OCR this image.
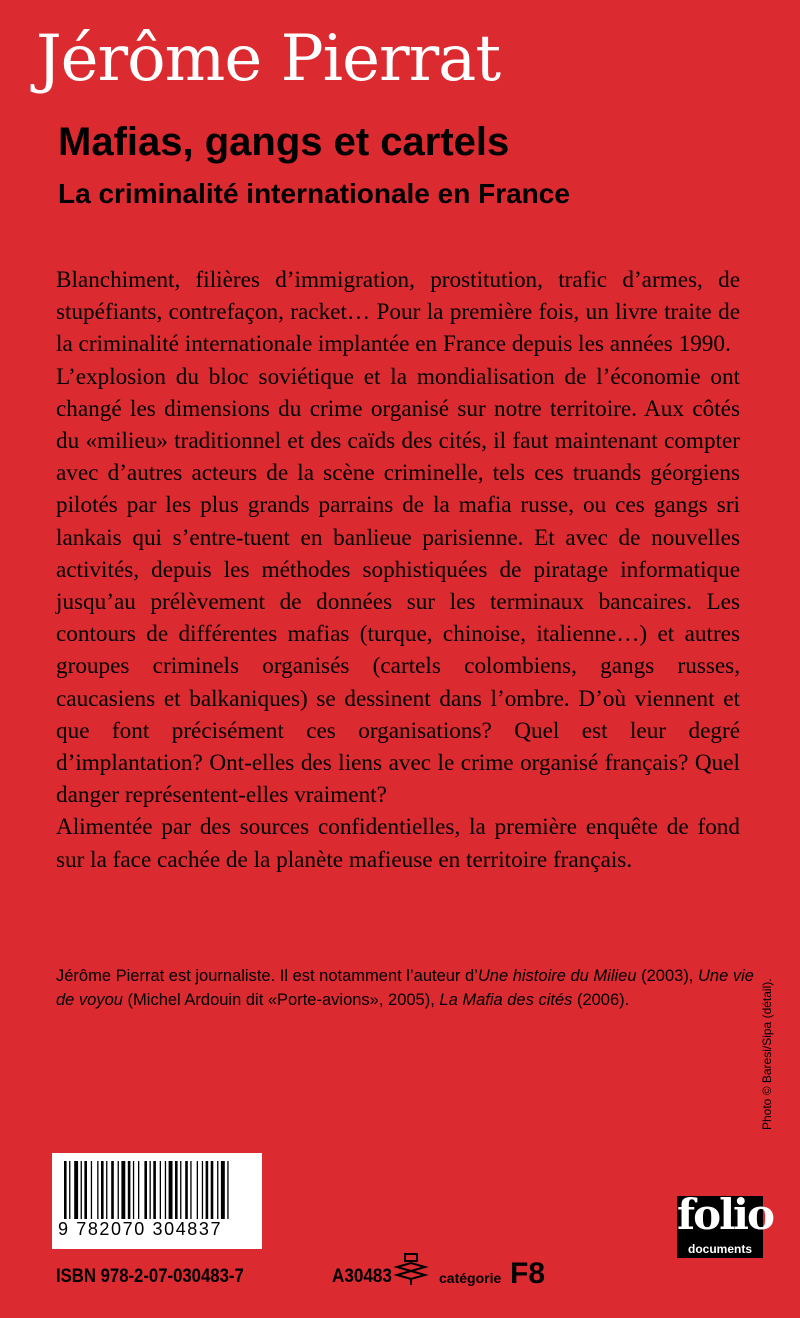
Jérôme Pierrat
Mafias, gangs et cartels
La criminalité internationale en France

Blanchiment, filières d’immigration, prostitution, trafic d’armes, de stupéfiants, contrefaçon, racket… Pour la première fois, un livre traite de la criminalité internationale implantée en France depuis les années 1990.

L’explosion du bloc soviétique et la mondialisation de l’économie ont changé les dimensions du crime organisé sur notre territoire. Aux côtés du «milieu» traditionnel et des caïds des cités, il faut maintenant compter avec d’autres acteurs de la scène criminelle, tels ces truands géorgiens pilotés par les plus grands parrains de la mafia russe, ou ces gangs sri lankais qui s’entre-tuent en banlieue parisienne. Et avec de nouvelles activités, depuis les méthodes sophistiquées de piratage informatique jusqu’au prélèvement de données sur les terminaux bancaires. Les contours de différentes mafias (turque, chinoise, italienne…) et autres groupes criminels organisés (cartels colombiens, gangs russes, caucasiens et balkaniques) se dessinent dans l’ombre. D’où viennent et que font précisément ces organisations? Quel est leur degré d’implantation? Ont-elles des liens avec le crime organisé français? Quel danger représentent-elles vraiment?

Alimentée par des sources confidentielles, la première enquête de fond sur la face cachée de la planète mafieuse en territoire français.

Jérôme Pierrat est journaliste. Il est notamment l’auteur d’Une histoire du Milieu (2003), Une vie de voyou (Michel Ardouin dit «Porte-avions», 2005), La Mafia des cités (2006).	Photo © Baresi/Sipa (détail).
9 782070 304837
ISBN 978-2-07-030483-7	A30483	catégorie F8
folio
documents
